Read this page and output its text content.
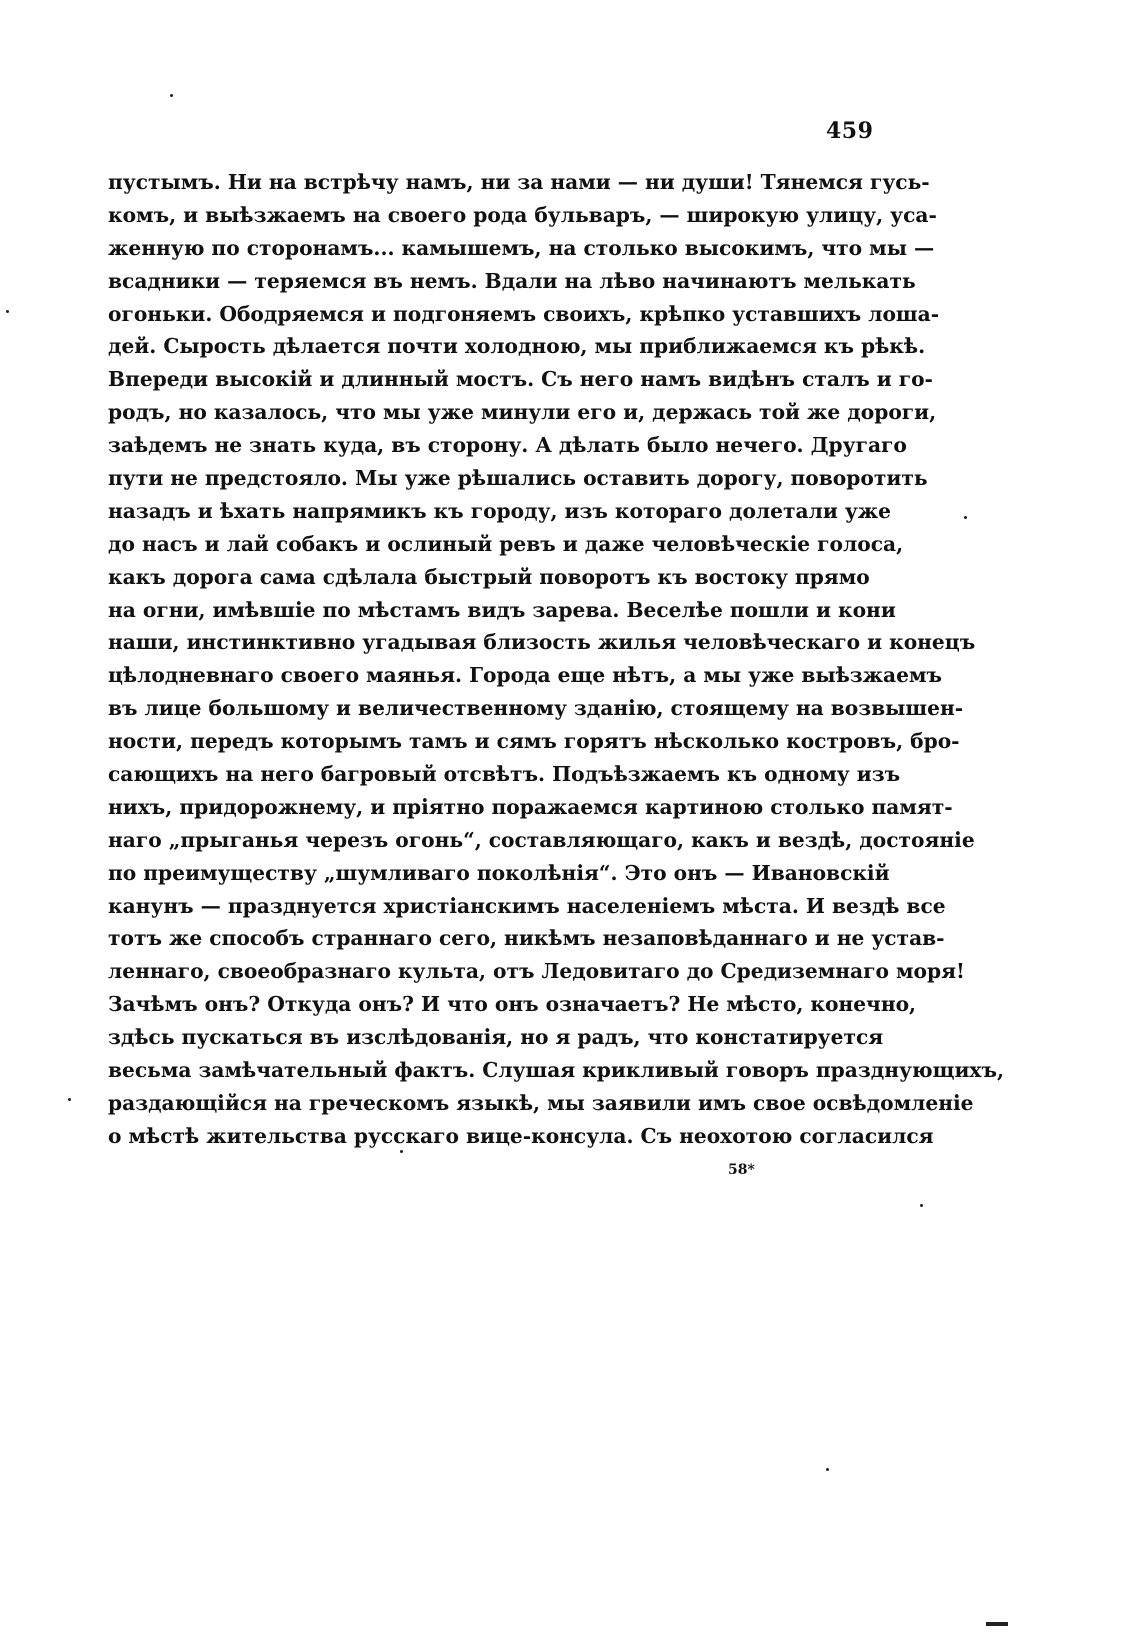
459
пустымъ. Ни на встрѣчу намъ, ни за нами — ни души! Тянемся гусь-
комъ, и выѣзжаемъ на своего рода бульваръ, — широкую улицу, уса-
женную по сторонамъ... камышемъ, на столько высокимъ, что мы —
всадники — теряемся въ немъ. Вдали на лѣво начинаютъ мелькать
огоньки. Ободряемся и подгоняемъ своихъ, крѣпко уставшихъ лоша-
дей. Сырость дѣлается почти холодною, мы приближаемся къ рѣкѣ.
Впереди высокій и длинный мостъ. Съ него намъ видѣнъ сталъ и го-
родъ, но казалось, что мы уже минули его и, держась той же дороги,
заѣдемъ не знать куда, въ сторону. А дѣлать было нечего. Другаго
пути не предстояло. Мы уже рѣшались оставить дорогу, поворотить
назадъ и ѣхать напрямикъ къ городу, изъ котораго долетали уже
до насъ и лай собакъ и ослиный ревъ и даже человѣческіе голоса,
какъ дорога сама сдѣлала быстрый поворотъ къ востоку прямо
на огни, имѣвшіе по мѣстамъ видъ зарева. Веселѣе пошли и кони
наши, инстинктивно угадывая близость жилья человѣческаго и конецъ
цѣлодневнаго своего маянья. Города еще нѣтъ, а мы уже выѣзжаемъ
въ лице большому и величественному зданію, стоящему на возвышен-
ности, передъ которымъ тамъ и сямъ горятъ нѣсколько костровъ, бро-
сающихъ на него багровый отсвѣтъ. Подъѣзжаемъ къ одному изъ
нихъ, придорожнему, и пріятно поражаемся картиною столько памят-
наго „прыганья черезъ огонь“, составляющаго, какъ и вездѣ, достояніе
по преимуществу „шумливаго поколѣнія“. Это онъ — Ивановскій
канунъ — празднуется христіанскимъ населеніемъ мѣста. И вездѣ все
тотъ же способъ страннаго сего, никѣмъ незаповѣданнаго и не устав-
леннаго, своеобразнаго культа, отъ Ледовитаго до Средиземнаго моря!
Зачѣмъ онъ? Откуда онъ? И что онъ означаетъ? Не мѣсто, конечно,
здѣсь пускаться въ изслѣдованія, но я радъ, что констатируется
весьма замѣчательный фактъ. Слушая крикливый говоръ празднующихъ,
раздающійся на греческомъ языкѣ, мы заявили имъ свое освѣдомленіе
о мѣстѣ жительства русскаго вице-консула. Съ неохотою согласился
58*
